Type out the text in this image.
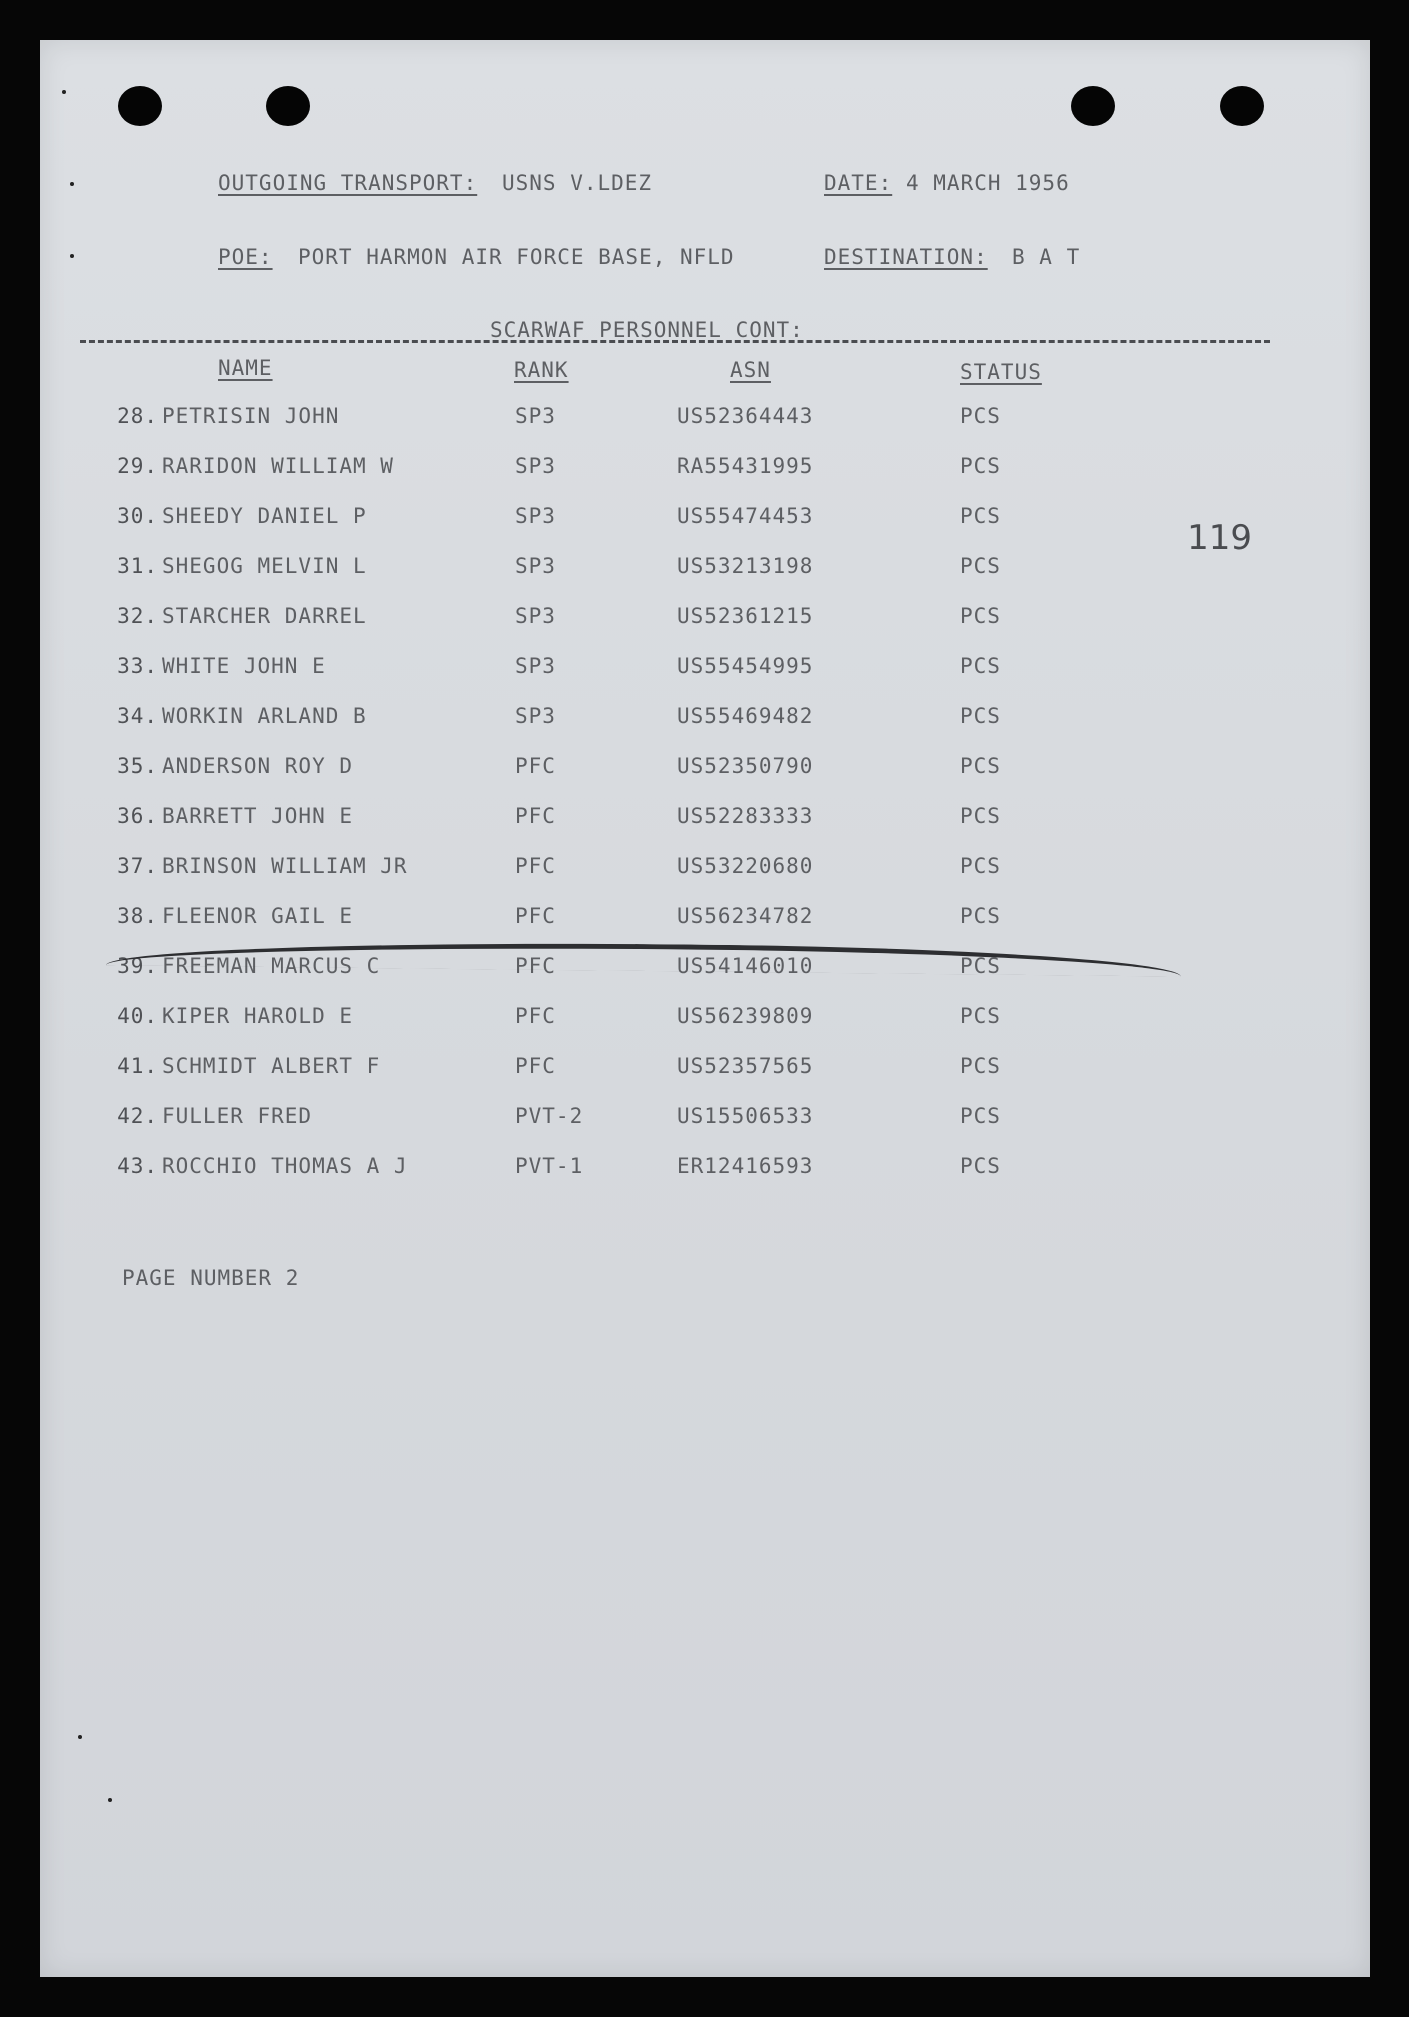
OUTGOING TRANSPORT: USNS V.LDEZ	DATE: 4 MARCH 1956
POE: PORT HARMON AIR FORCE BASE, NFLD	DESTINATION: B A T
SCARWAF PERSONNEL CONT:
NAME	RANK	ASN	STATUS
28. PETRISIN JOHN	SP3	US52364443	PCS
29. RARIDON WILLIAM W	SP3	RA55431995	PCS
30. SHEEDY DANIEL P	SP3	US55474453	PCS
31. SHEGOG MELVIN L	SP3	US53213198	PCS
32. STARCHER DARREL	SP3	US52361215	PCS
33. WHITE JOHN E	SP3	US55454995	PCS
34. WORKIN ARLAND B	SP3	US55469482	PCS
35. ANDERSON ROY D	PFC	US52350790	PCS
36. BARRETT JOHN E	PFC	US52283333	PCS
37. BRINSON WILLIAM JR	PFC	US53220680	PCS
38. FLEENOR GAIL E	PFC	US56234782	PCS
39. FREEMAN MARCUS C	PFC	US54146010	PCS
40. KIPER HAROLD E	PFC	US56239809	PCS
41. SCHMIDT ALBERT F	PFC	US52357565	PCS
42. FULLER FRED	PVT-2	US15506533	PCS
43. ROCCHIO THOMAS A J	PVT-1	ER12416593	PCS
PAGE NUMBER 2
119
